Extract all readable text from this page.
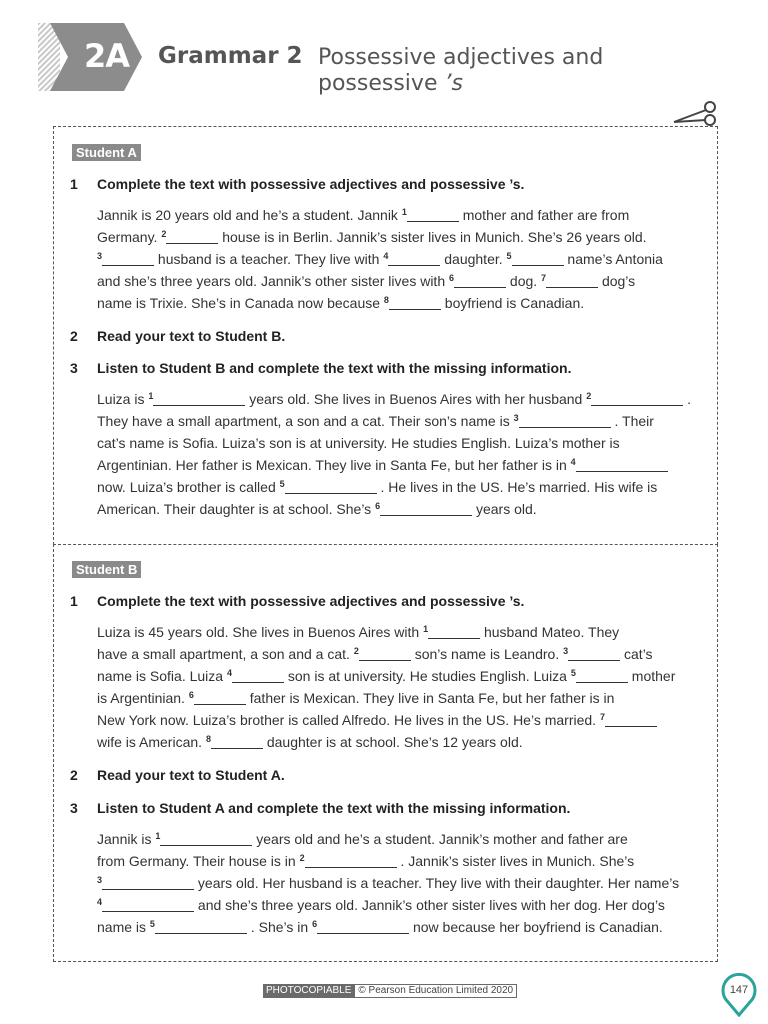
2A Grammar 2 Possessive adjectives and
possessive ’s
Student A
1 Complete the text with possessive adjectives and possessive ’s.
Jannik is 20 years old and he’s a student. Jannik $^1$	mother and father are from
Germany. $^2$	house is in Berlin. Jannik’s sister lives in Munich. She’s 26 years old.
$^3$	husband is a teacher. They live with $^4$	daughter. $^5$	name’s Antonia
and she’s three years old. Jannik’s other sister lives with $^6$	dog. $^7$	dog’s
name is Trixie. She’s in Canada now because $^8$	boyfriend is Canadian.
2 Read your text to Student B.
3 Listen to Student B and complete the text with the missing information.
Luiza is $^1$	years old. She lives in Buenos Aires with her husband $^2$	.
They have a small apartment, a son and a cat. Their son’s name is $^3$	. Their
cat’s name is Sofia. Luiza’s son is at university. He studies English. Luiza’s mother is
Argentinian. Her father is Mexican. They live in Santa Fe, but her father is in $^4$
now. Luiza’s brother is called $^5$	. He lives in the US. He’s married. His wife is
American. Their daughter is at school. She’s $^6$	years old.
Student B
1 Complete the text with possessive adjectives and possessive ’s.
Luiza is 45 years old. She lives in Buenos Aires with $^1$	husband Mateo. They
have a small apartment, a son and a cat. $^2$	son’s name is Leandro. $^3$	cat’s
name is Sofia. Luiza $^4$	son is at university. He studies English. Luiza $^5$	mother
is Argentinian. $^6$	father is Mexican. They live in Santa Fe, but her father is in
New York now. Luiza’s brother is called Alfredo. He lives in the US. He’s married. $^7$
wife is American. $^8$	daughter is at school. She’s 12 years old.
2 Read your text to Student A.
3 Listen to Student A and complete the text with the missing information.
Jannik is $^1$	years old and he’s a student. Jannik’s mother and father are
from Germany. Their house is in $^2$	. Jannik’s sister lives in Munich. She’s
$^3$	years old. Her husband is a teacher. They live with their daughter. Her name’s
$^4$	and she’s three years old. Jannik’s other sister lives with her dog. Her dog’s
name is $^5$	. She’s in $^6$	now because her boyfriend is Canadian.
PHOTOCOPIABLE © Pearson Education Limited 2020	147
